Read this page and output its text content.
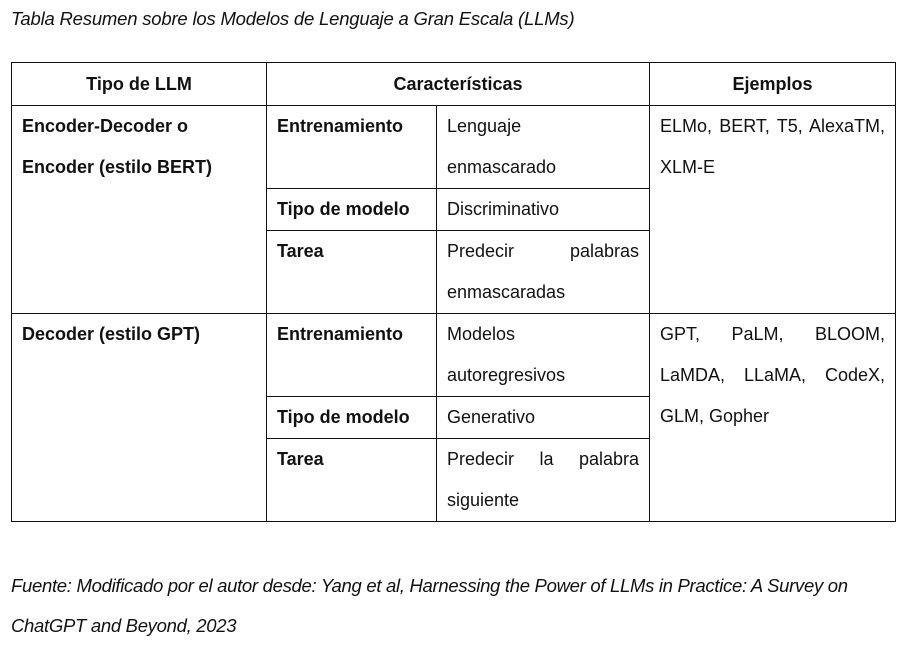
Tabla Resumen sobre los Modelos de Lenguaje a Gran Escala (LLMs)
Tipo de LLM	Características		Ejemplos
Encoder-Decoder o Encoder (estilo BERT)	Entrenamiento	Lenguaje enmascarado	ELMo, BERT, T5, AlexaTM, XLM-E
	Tipo de modelo	Discriminativo	
	Tarea	Predecir palabras enmascaradas	
Decoder (estilo GPT)	Entrenamiento	Modelos autoregresivos	GPT, PaLM, BLOOM, LaMDA, LLaMA, CodeX, GLM, Gopher
	Tipo de modelo	Generativo	
	Tarea	Predecir la palabra siguiente	
Fuente: Modificado por el autor desde: Yang et al, Harnessing the Power of LLMs in Practice: A Survey on ChatGPT and Beyond, 2023
